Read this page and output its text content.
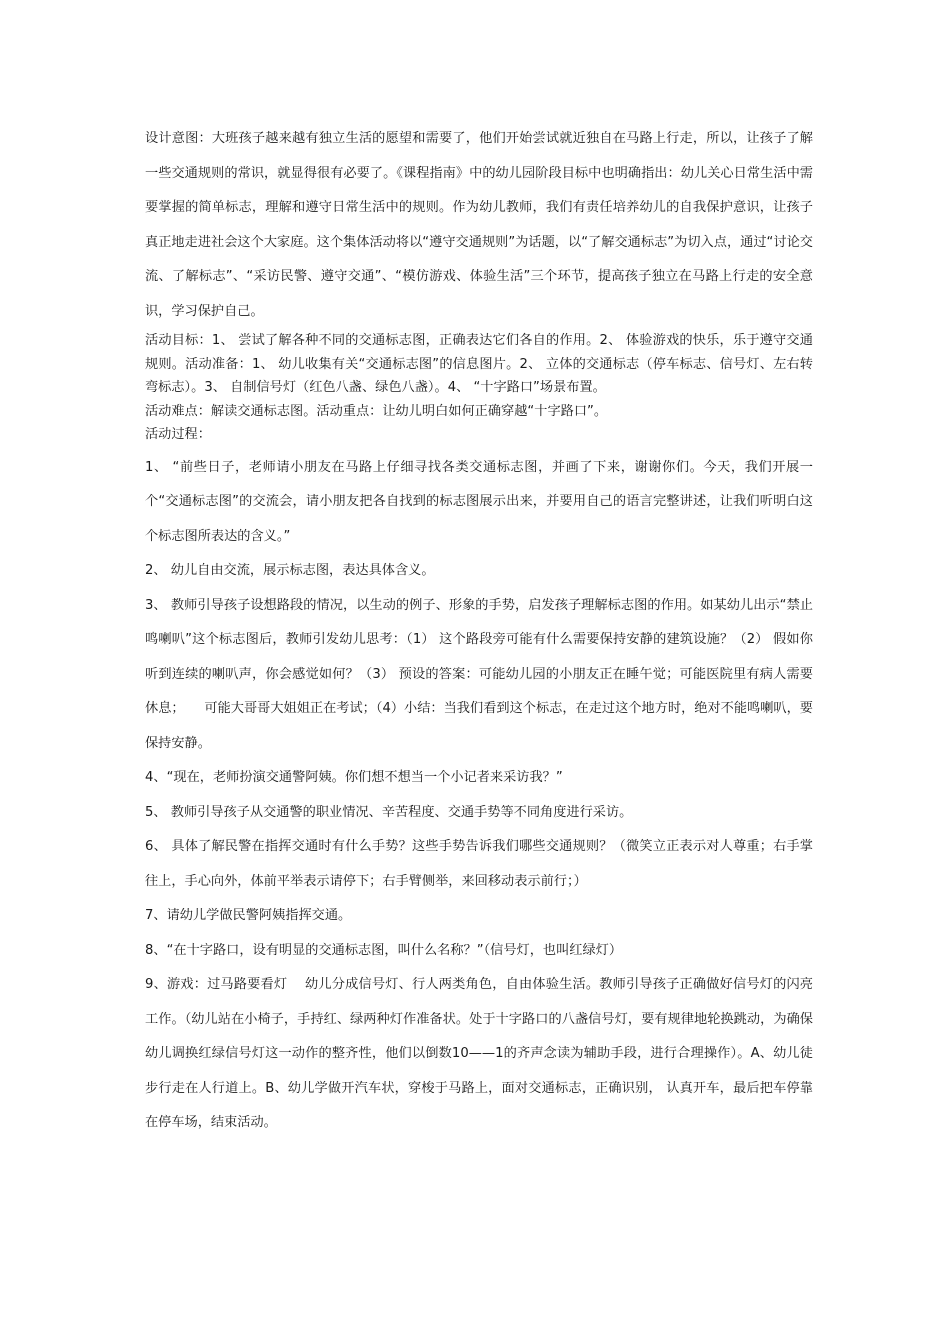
设计意图：大班孩子越来越有独立生活的愿望和需要了，他们开始尝试就近独自在马路上行走，所以，让孩子了解一些交通规则的常识，就显得很有必要了。《课程指南》中的幼儿园阶段目标中也明确指出：幼儿关心日常生活中需要掌握的简单标志，理解和遵守日常生活中的规则。作为幼儿教师，我们有责任培养幼儿的自我保护意识，让孩子真正地走进社会这个大家庭。这个集体活动将以“遵守交通规则”为话题，以“了解交通标志”为切入点，通过“讨论交流、了解标志”、“采访民警、遵守交通”、“模仿游戏、体验生活”三个环节，提高孩子独立在马路上行走的安全意识，学习保护自己。

活动目标：1、 尝试了解各种不同的交通标志图，正确表达它们各自的作用。2、 体验游戏的快乐，乐于遵守交通规则。活动准备：1、 幼儿收集有关“交通标志图”的信息图片。2、 立体的交通标志（停车标志、信号灯、左右转弯标志）。3、 自制信号灯（红色八盏、绿色八盏）。4、 “十字路口”场景布置。

活动难点：解读交通标志图。活动重点：让幼儿明白如何正确穿越“十字路口”。

活动过程：

1、 “前些日子，老师请小朋友在马路上仔细寻找各类交通标志图，并画了下来，谢谢你们。今天，我们开展一个“交通标志图”的交流会，请小朋友把各自找到的标志图展示出来，并要用自己的语言完整讲述，让我们听明白这个标志图所表达的含义。”

2、 幼儿自由交流，展示标志图，表达具体含义。

3、 教师引导孩子设想路段的情况，以生动的例子、形象的手势，启发孩子理解标志图的作用。如某幼儿出示“禁止鸣喇叭”这个标志图后，教师引发幼儿思考：（1） 这个路段旁可能有什么需要保持安静的建筑设施？（2） 假如你听到连续的喇叭声，你会感觉如何？（3） 预设的答案：可能幼儿园的小朋友正在睡午觉；可能医院里有病人需要休息；　　可能大哥哥大姐姐正在考试；（4）小结：当我们看到这个标志，在走过这个地方时，绝对不能鸣喇叭，要保持安静。

4、“现在，老师扮演交通警阿姨。你们想不想当一个小记者来采访我？”

5、 教师引导孩子从交通警的职业情况、辛苦程度、交通手势等不同角度进行采访。

6、 具体了解民警在指挥交通时有什么手势？这些手势告诉我们哪些交通规则？（微笑立正表示对人尊重；右手掌往上，手心向外，体前平举表示请停下；右手臂侧举，来回移动表示前行；）

7、请幼儿学做民警阿姨指挥交通。

8、“在十字路口，设有明显的交通标志图，叫什么名称？”（信号灯，也叫红绿灯）

9、游戏：过马路要看灯　 幼儿分成信号灯、行人两类角色，自由体验生活。教师引导孩子正确做好信号灯的闪亮工作。（幼儿站在小椅子，手持红、绿两种灯作准备状。处于十字路口的八盏信号灯，要有规律地轮换跳动，为确保幼儿调换红绿信号灯这一动作的整齐性，他们以倒数10——1的齐声念读为辅助手段，进行合理操作）。A、幼儿徒步行走在人行道上。B、幼儿学做开汽车状，穿梭于马路上，面对交通标志，正确识别， 认真开车，最后把车停靠在停车场，结束活动。
